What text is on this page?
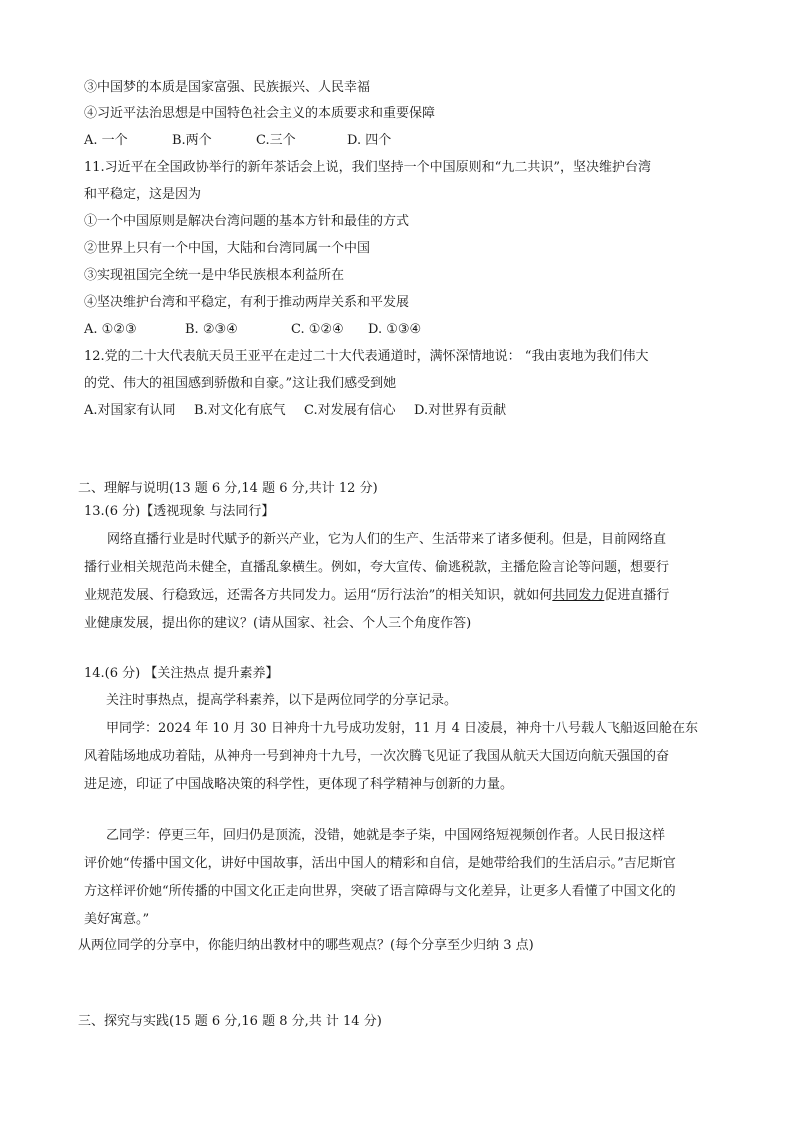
③中国梦的本质是国家富强、民族振兴、人民幸福
④习近平法治思想是中国特色社会主义的本质要求和重要保障
A. 一个	B.两个	C.三个	D. 四个
11.习近平在全国政协举行的新年茶话会上说，我们坚持一个中国原则和“九二共识”，坚决维护台湾
和平稳定，这是因为
①一个中国原则是解决台湾问题的基本方针和最佳的方式
②世界上只有一个中国，大陆和台湾同属一个中国
③实现祖国完全统一是中华民族根本利益所在
④坚决维护台湾和平稳定，有利于推动两岸关系和平发展
A. ①②③	B. ②③④	C. ①②④ D. ①③④
12.党的二十大代表航天员王亚平在走过二十大代表通道时，满怀深情地说： “我由衷地为我们伟大
的党、伟大的祖国感到骄傲和自豪。”这让我们感受到她
A.对国家有认同 B.对文化有底气 C.对发展有信心 D.对世界有贡献
二、理解与说明(13 题 6 分,14 题 6 分,共计 12 分)
13.(6 分)【透视现象 与法同行】
网络直播行业是时代赋予的新兴产业，它为人们的生产、生活带来了诸多便利。但是，目前网络直
播行业相关规范尚未健全，直播乱象横生。例如，夸大宣传、偷逃税款，主播危险言论等问题，想要行
业规范发展、行稳致远，还需各方共同发力。运用“厉行法治”的相关知识，就如何共同发力促进直播行
业健康发展，提出你的建议？(请从国家、社会、个人三个角度作答)
14.(6 分) 【关注热点 提升素养】
关注时事热点，提高学科素养，以下是两位同学的分享记录。
甲同学：2024 年 10 月 30 日神舟十九号成功发射，11 月 4 日凌晨，神舟十八号载人飞船返回舱在东
风着陆场地成功着陆，从神舟一号到神舟十九号，一次次腾飞见证了我国从航天大国迈向航天强国的奋
进足迹，印证了中国战略决策的科学性，更体现了科学精神与创新的力量。
乙同学：停更三年，回归仍是顶流，没错，她就是李子柒，中国网络短视频创作者。人民日报这样
评价她“传播中国文化，讲好中国故事，活出中国人的精彩和自信，是她带给我们的生活启示。”吉尼斯官
方这样评价她“所传播的中国文化正走向世界，突破了语言障碍与文化差异，让更多人看懂了中国文化的
美好寓意。”
从两位同学的分享中，你能归纳出教材中的哪些观点？(每个分享至少归纳 3 点)
三、探究与实践(15 题 6 分,16 题 8 分,共 计 14 分)
